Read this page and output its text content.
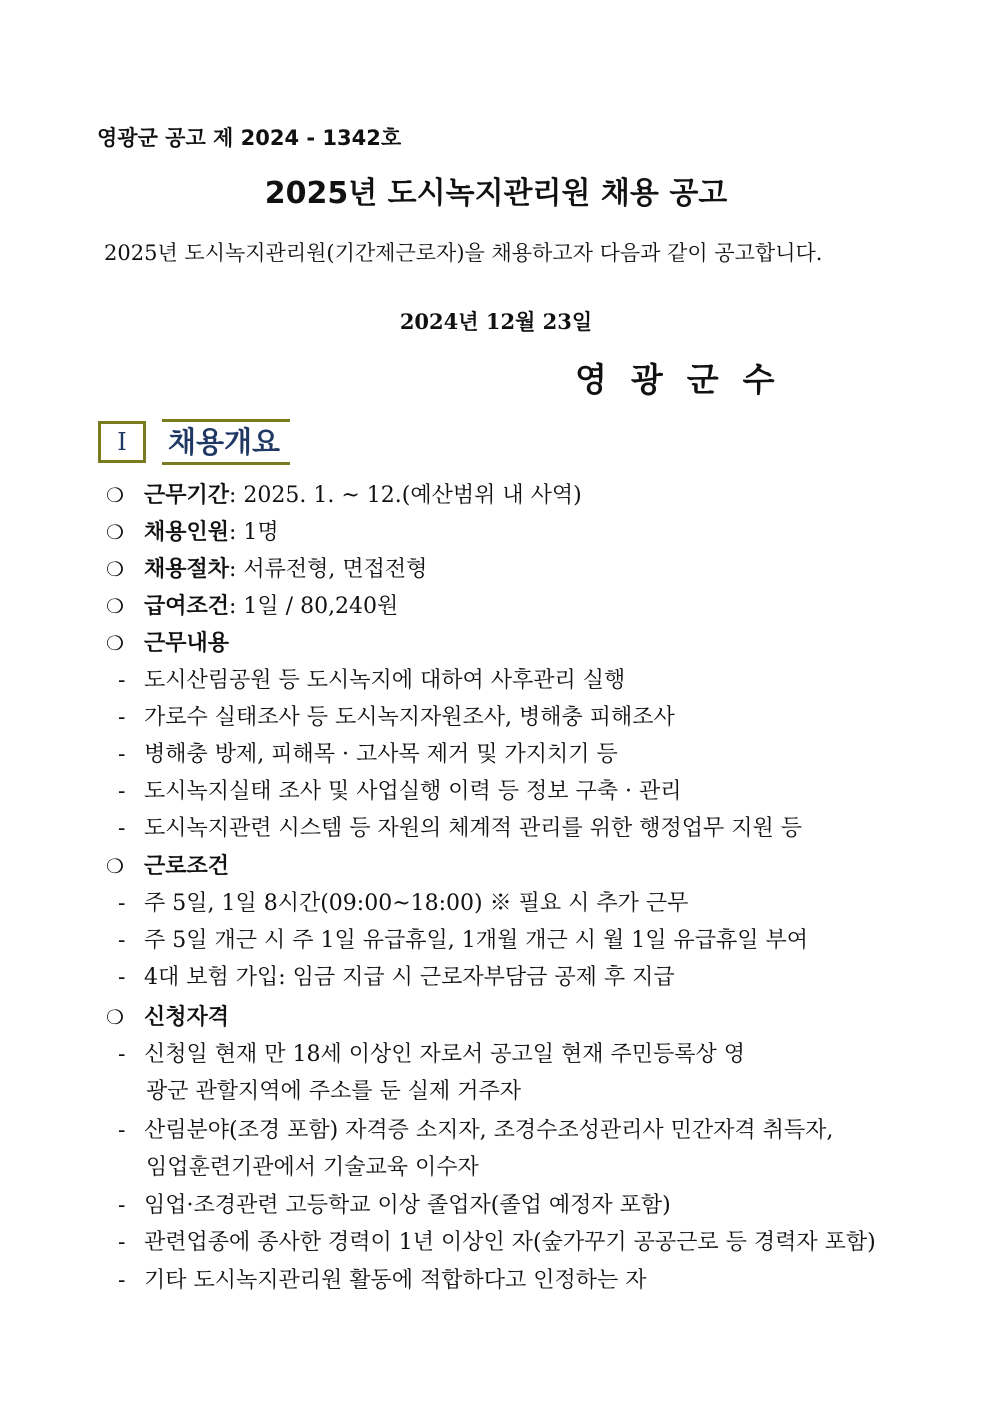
영광군 공고 제 2024 - 1342호
2025년 도시녹지관리원 채용 공고
2025년 도시녹지관리원(기간제근로자)을 채용하고자 다음과 같이 공고합니다.
2024년 12월 23일
영광군수
I 채용개요
❍ 근무기간: 2025. 1. ~ 12.(예산범위 내 사역)
❍ 채용인원: 1명
❍ 채용절차: 서류전형, 면접전형
❍ 급여조건: 1일 / 80,240원
❍ 근무내용
- 도시산림공원 등 도시녹지에 대하여 사후관리 실행
- 가로수 실태조사 등 도시녹지자원조사, 병해충 피해조사
- 병해충 방제, 피해목 · 고사목 제거 및 가지치기 등
- 도시녹지실태 조사 및 사업실행 이력 등 정보 구축 · 관리
- 도시녹지관련 시스템 등 자원의 체계적 관리를 위한 행정업무 지원 등
❍ 근로조건
- 주 5일, 1일 8시간(09:00~18:00) ※ 필요 시 추가 근무
- 주 5일 개근 시 주 1일 유급휴일, 1개월 개근 시 월 1일 유급휴일 부여
- 4대 보험 가입: 임금 지급 시 근로자부담금 공제 후 지급
❍ 신청자격
- 신청일 현재 만 18세 이상인 자로서 공고일 현재 주민등록상 영
광군 관할지역에 주소를 둔 실제 거주자
- 산림분야(조경 포함) 자격증 소지자, 조경수조성관리사 민간자격 취득자,
임업훈련기관에서 기술교육 이수자
- 임업·조경관련 고등학교 이상 졸업자(졸업 예정자 포함)
- 관련업종에 종사한 경력이 1년 이상인 자(숲가꾸기 공공근로 등 경력자 포함)
- 기타 도시녹지관리원 활동에 적합하다고 인정하는 자
